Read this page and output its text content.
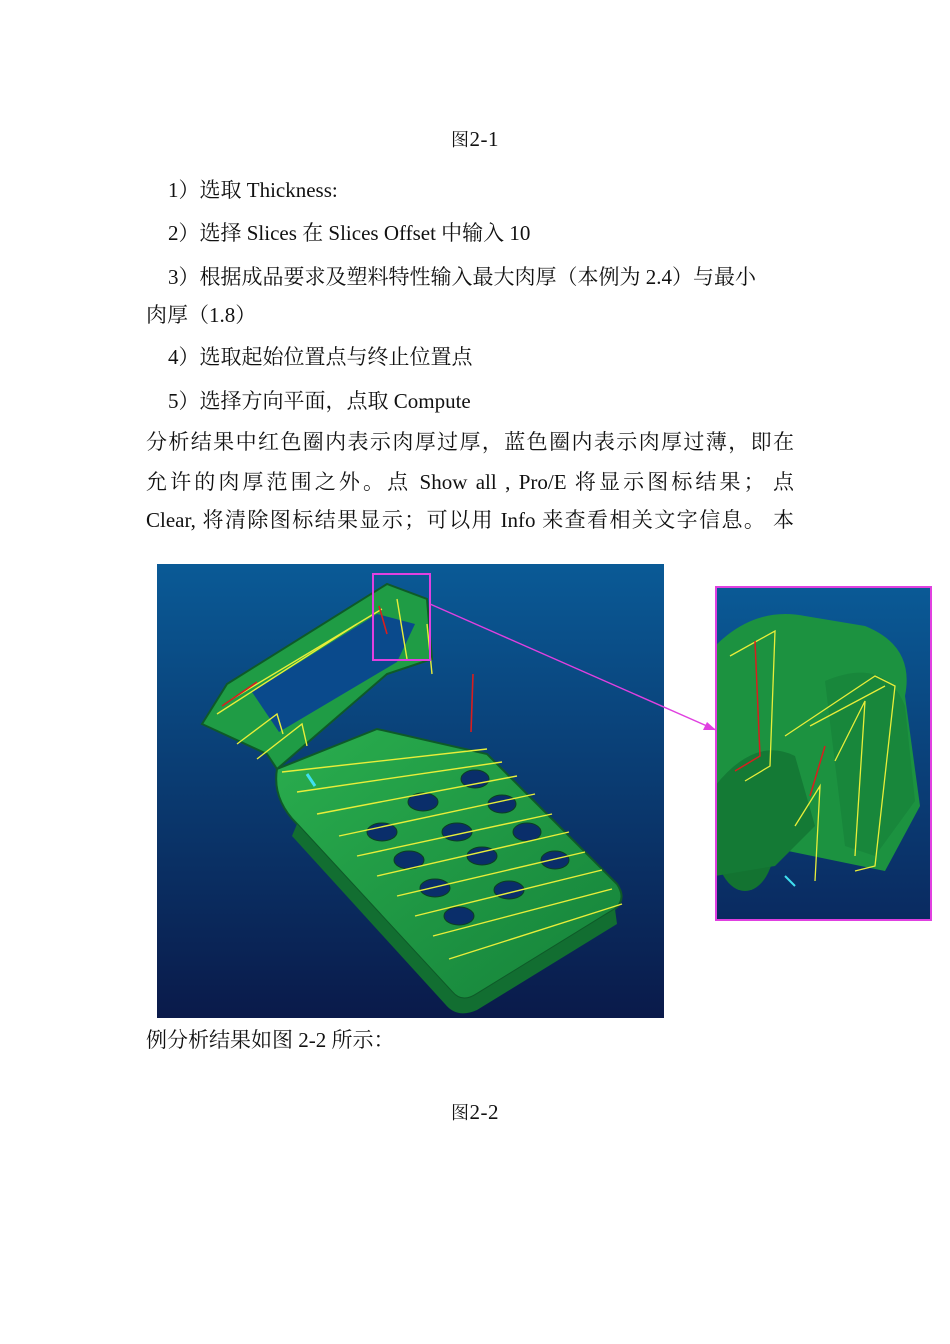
图2-1
1）选取 Thickness:
2）选择 Slices 在 Slices Offset 中输入 10
3）根据成品要求及塑料特性输入最大肉厚（本例为 2.4）与最小
肉厚（1.8）
4）选取起始位置点与终止位置点
5）选择方向平面，点取 Compute
分析结果中红色圈内表示肉厚过厚，蓝色圈内表示肉厚过薄，即在
允许的肉厚范围之外。点 Show all , Pro/E 将显示图标结果； 点
Clear, 将清除图标结果显示；可以用 Info 来查看相关文字信息。 本
例分析结果如图 2-2 所示：
图2-2
